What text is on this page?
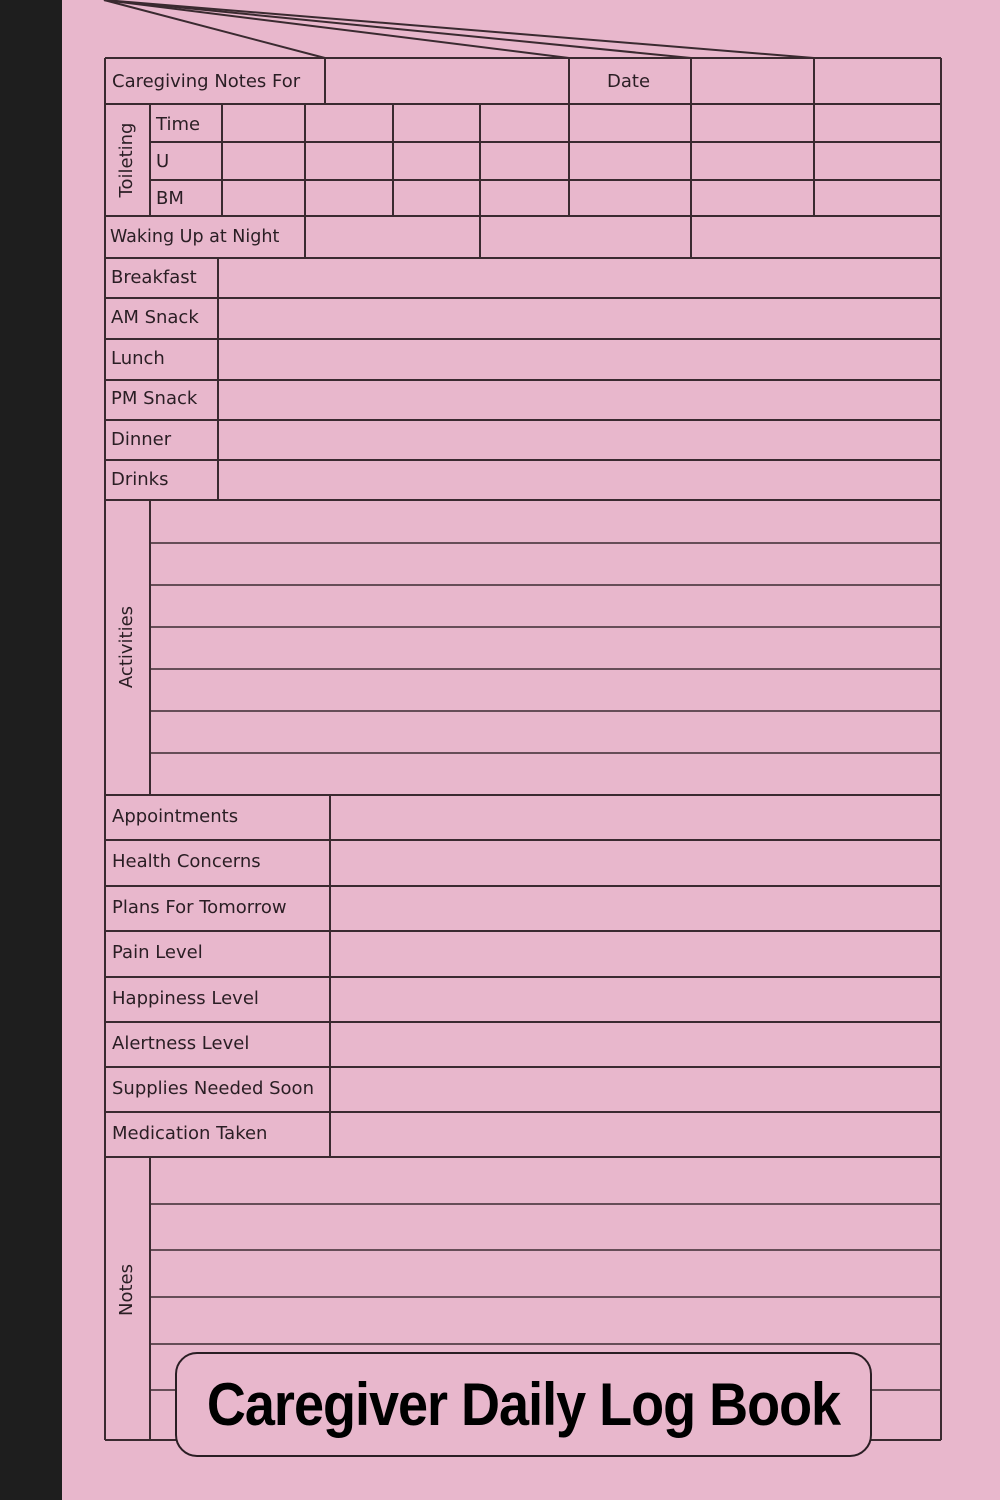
Caregiving Notes For	Date
Toileting Time
U
BM
Waking Up at Night
Breakfast
AM Snack
Lunch
PM Snack
Dinner
Drinks
Activities
Appointments
Health Concerns
Plans For Tomorrow
Pain Level
Happiness Level
Alertness Level
Supplies Needed Soon
Medication Taken
Notes
Caregiver Daily Log Book
